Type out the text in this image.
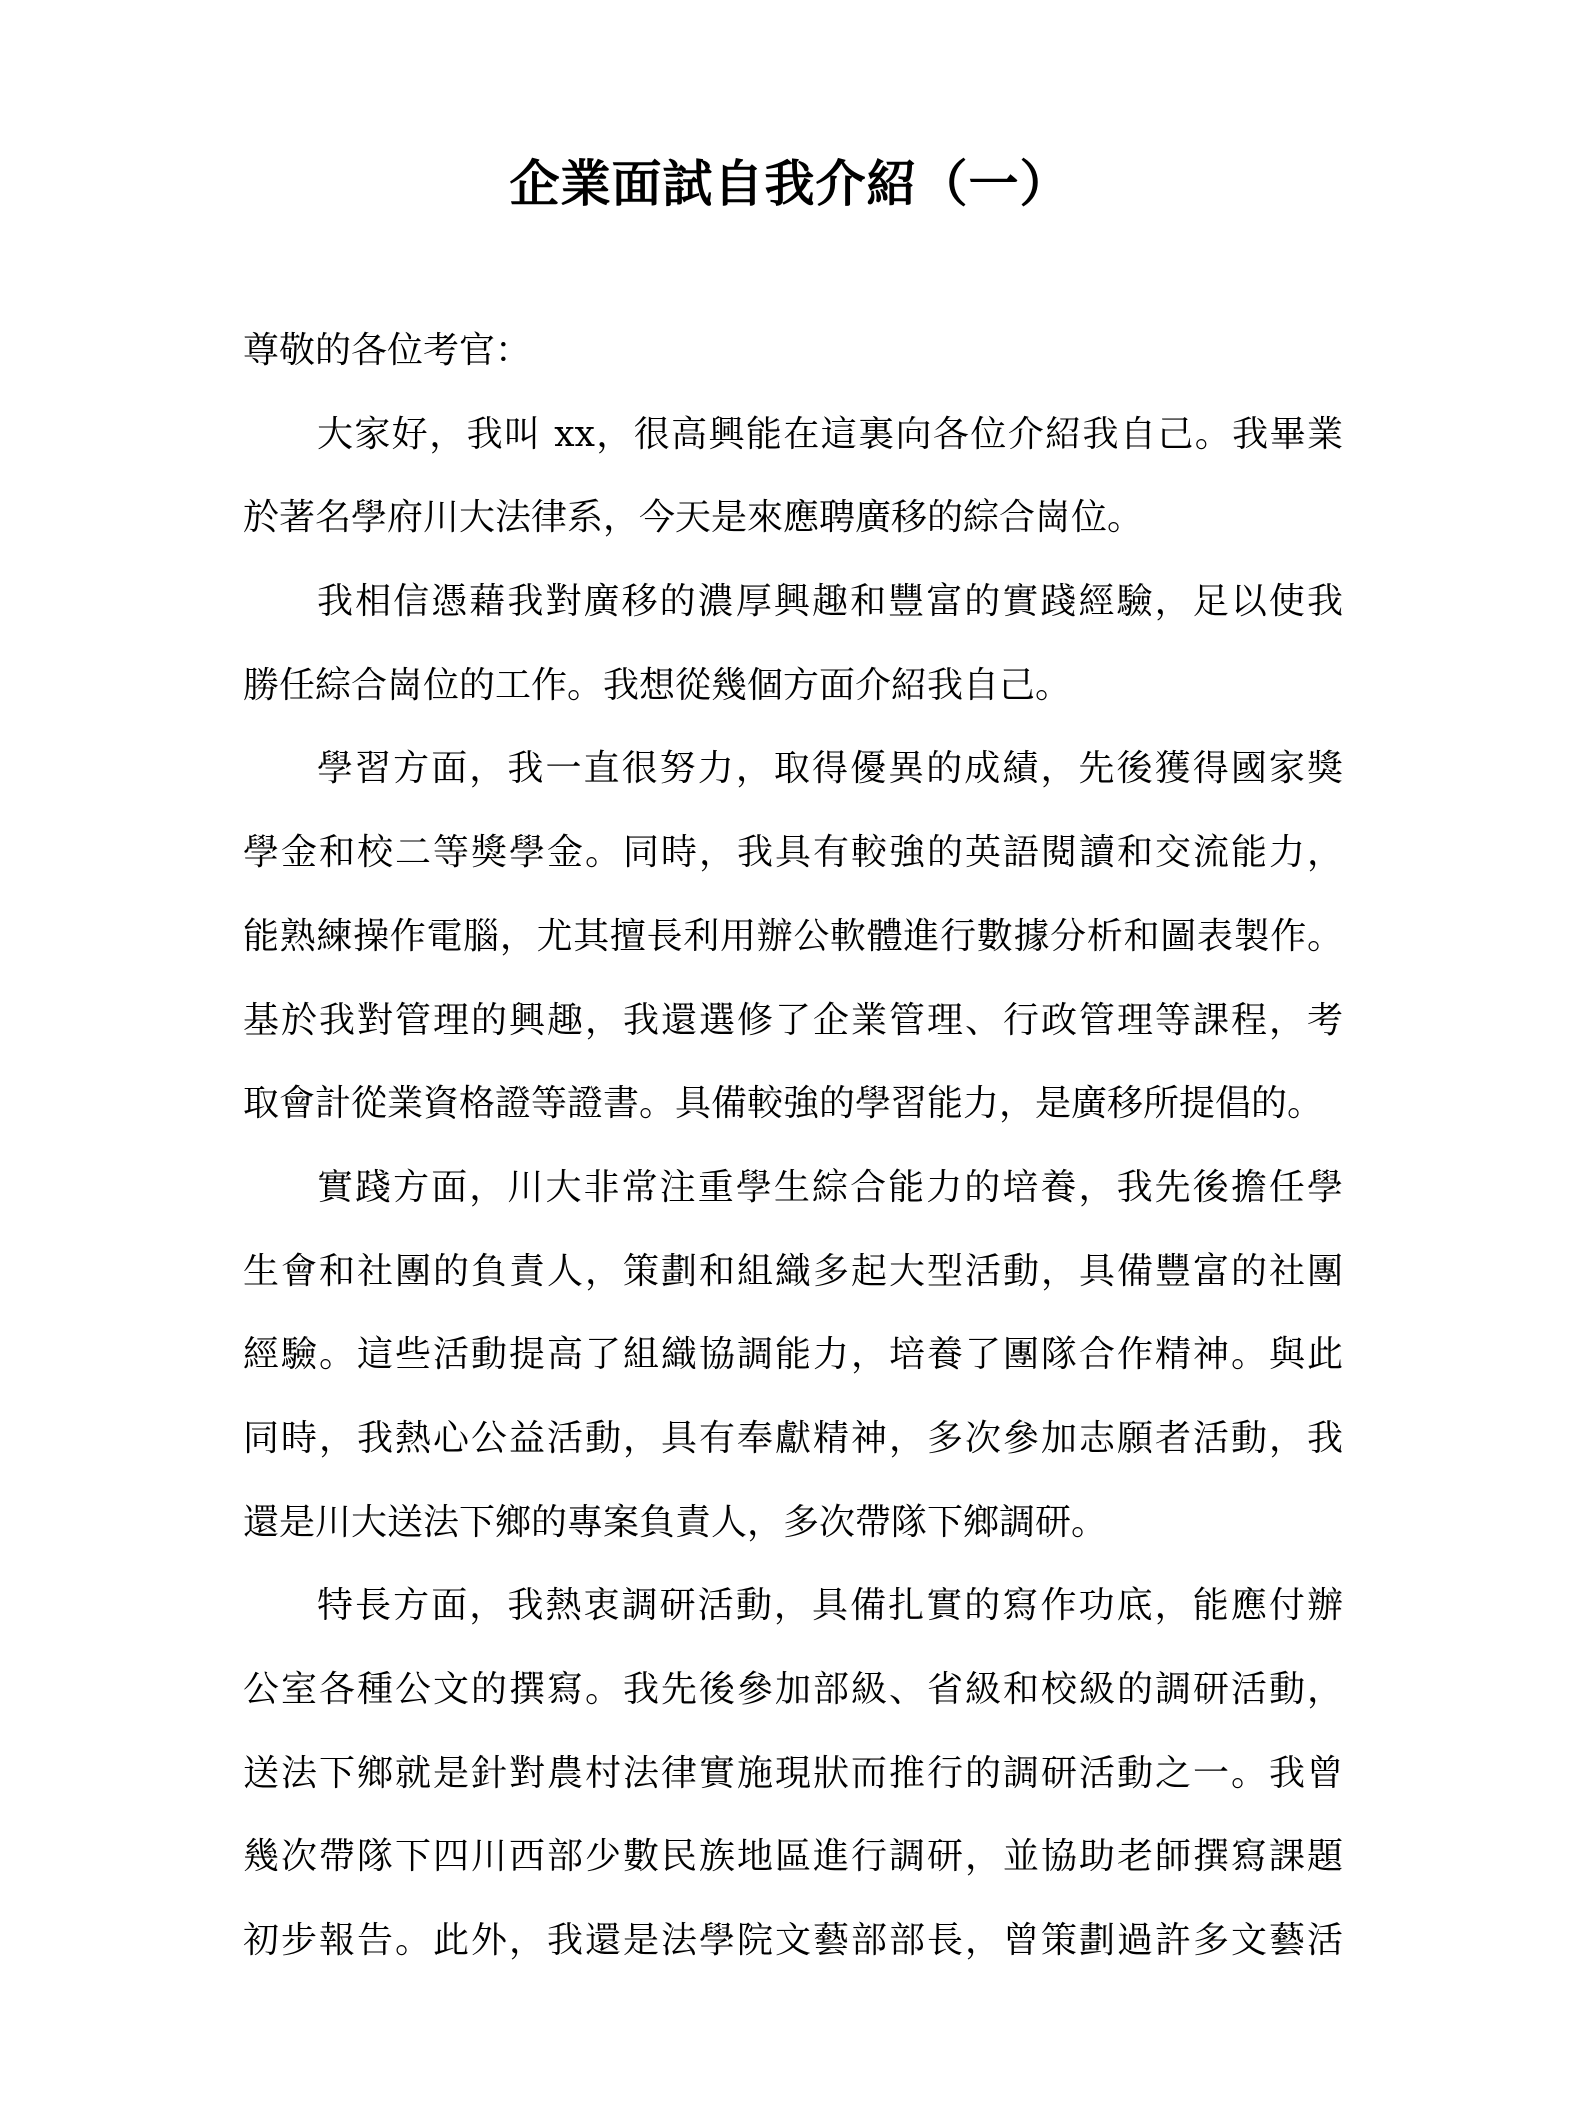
企業面試自我介紹（一）
尊敬的各位考官：
大家好，我叫 xx，很高興能在這裏向各位介紹我自己。我畢業
於著名學府川大法律系，今天是來應聘廣移的綜合崗位。
我相信憑藉我對廣移的濃厚興趣和豐富的實踐經驗，足以使我
勝任綜合崗位的工作。我想從幾個方面介紹我自己。
學習方面，我一直很努力，取得優異的成績，先後獲得國家獎
學金和校二等獎學金。同時，我具有較強的英語閱讀和交流能力，
能熟練操作電腦，尤其擅長利用辦公軟體進行數據分析和圖表製作。
基於我對管理的興趣，我還選修了企業管理、行政管理等課程，考
取會計從業資格證等證書。具備較強的學習能力，是廣移所提倡的。
實踐方面，川大非常注重學生綜合能力的培養，我先後擔任學
生會和社團的負責人，策劃和組織多起大型活動，具備豐富的社團
經驗。這些活動提高了組織協調能力，培養了團隊合作精神。與此
同時，我熱心公益活動，具有奉獻精神，多次參加志願者活動，我
還是川大送法下鄉的專案負責人，多次帶隊下鄉調研。
特長方面，我熱衷調研活動，具備扎實的寫作功底，能應付辦
公室各種公文的撰寫。我先後參加部級、省級和校級的調研活動，
送法下鄉就是針對農村法律實施現狀而推行的調研活動之一。我曾
幾次帶隊下四川西部少數民族地區進行調研，並協助老師撰寫課題
初步報告。此外，我還是法學院文藝部部長，曾策劃過許多文藝活
